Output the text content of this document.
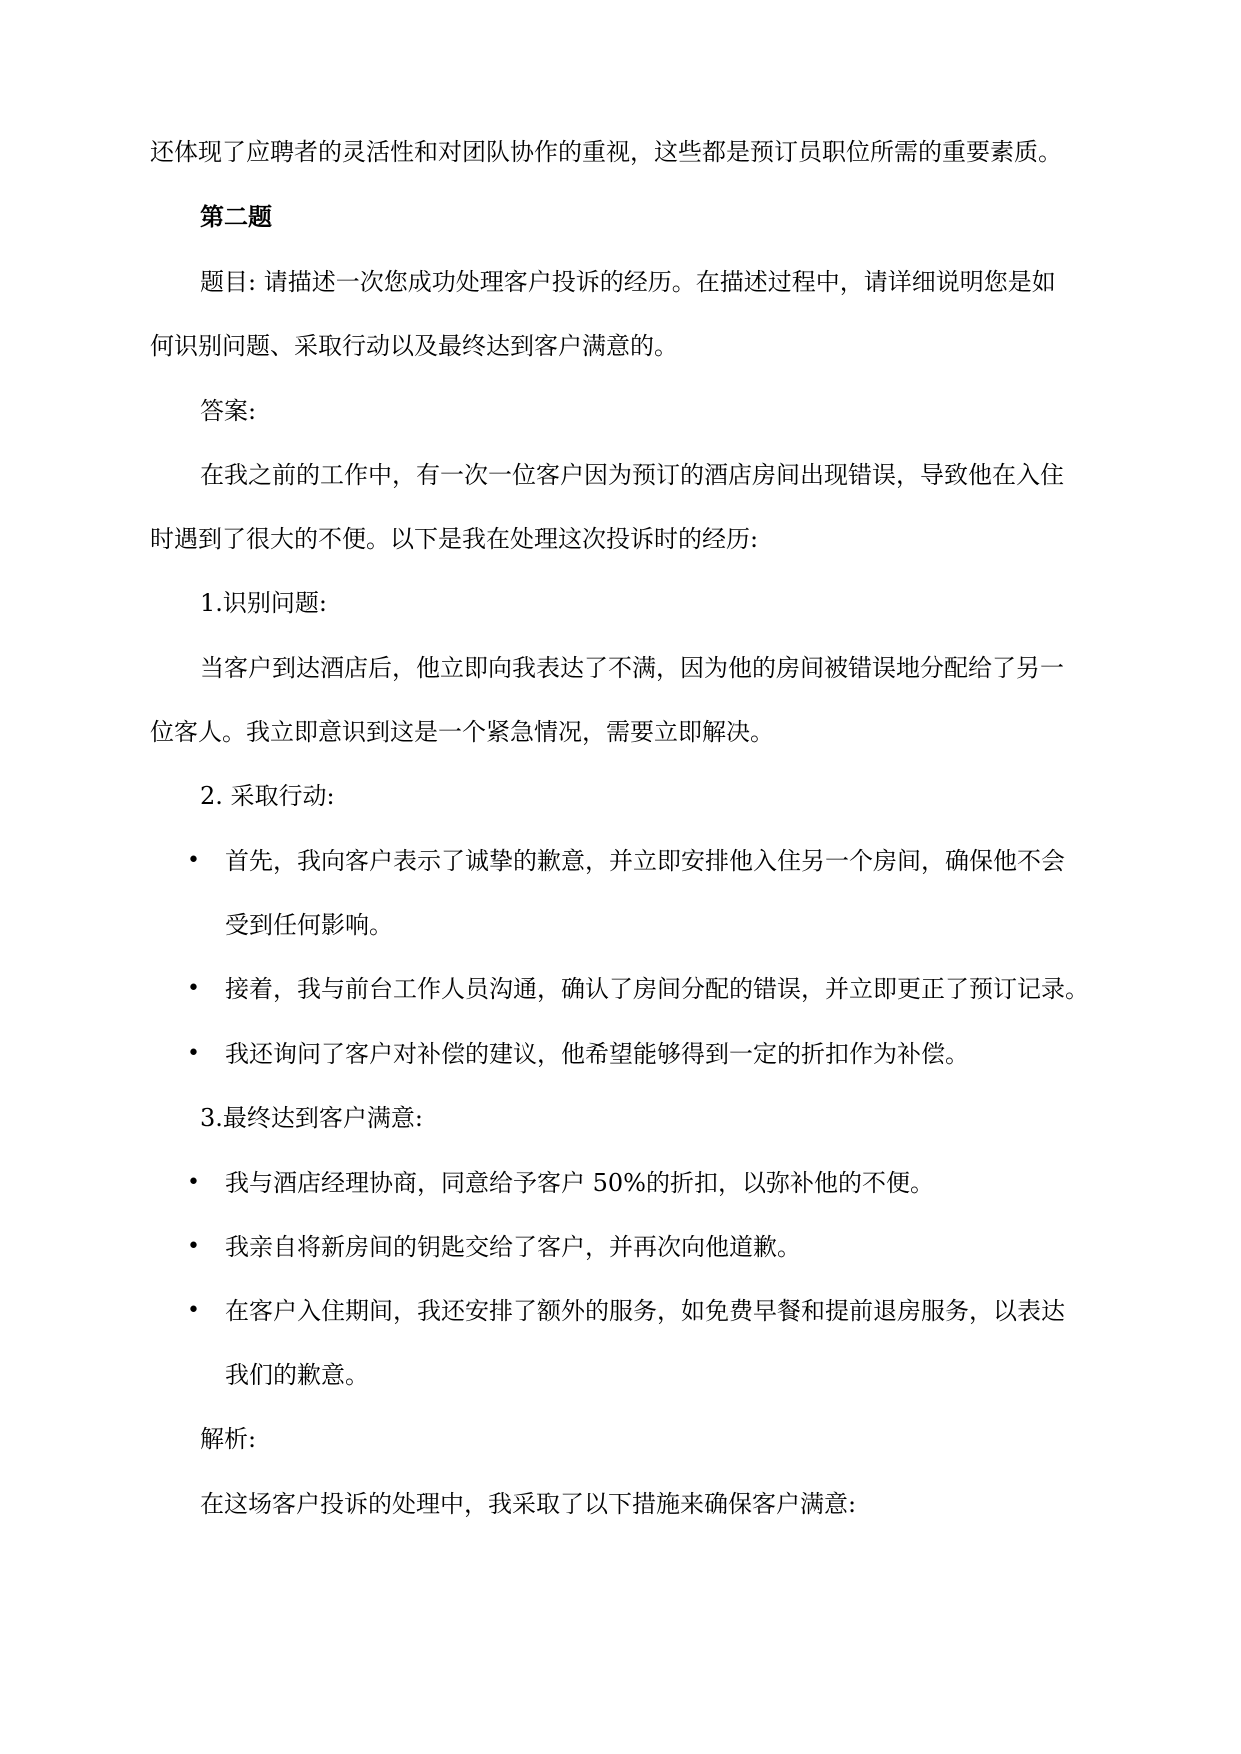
还体现了应聘者的灵活性和对团队协作的重视，这些都是预订员职位所需的重要素质。
第二题
题目: 请描述一次您成功处理客户投诉的经历。在描述过程中，请详细说明您是如
何识别问题、采取行动以及最终达到客户满意的。
答案:
在我之前的工作中，有一次一位客户因为预订的酒店房间出现错误，导致他在入住
时遇到了很大的不便。以下是我在处理这次投诉时的经历:
1.识别问题:
当客户到达酒店后，他立即向我表达了不满，因为他的房间被错误地分配给了另一
位客人。我立即意识到这是一个紧急情况，需要立即解决。
2. 采取行动:
• 首先，我向客户表示了诚挚的歉意，并立即安排他入住另一个房间，确保他不会
受到任何影响。
• 接着，我与前台工作人员沟通，确认了房间分配的错误，并立即更正了预订记录。
• 我还询问了客户对补偿的建议，他希望能够得到一定的折扣作为补偿。
3.最终达到客户满意:
• 我与酒店经理协商，同意给予客户 50%的折扣，以弥补他的不便。
• 我亲自将新房间的钥匙交给了客户，并再次向他道歉。
• 在客户入住期间，我还安排了额外的服务，如免费早餐和提前退房服务，以表达
我们的歉意。
解析:
在这场客户投诉的处理中，我采取了以下措施来确保客户满意:
